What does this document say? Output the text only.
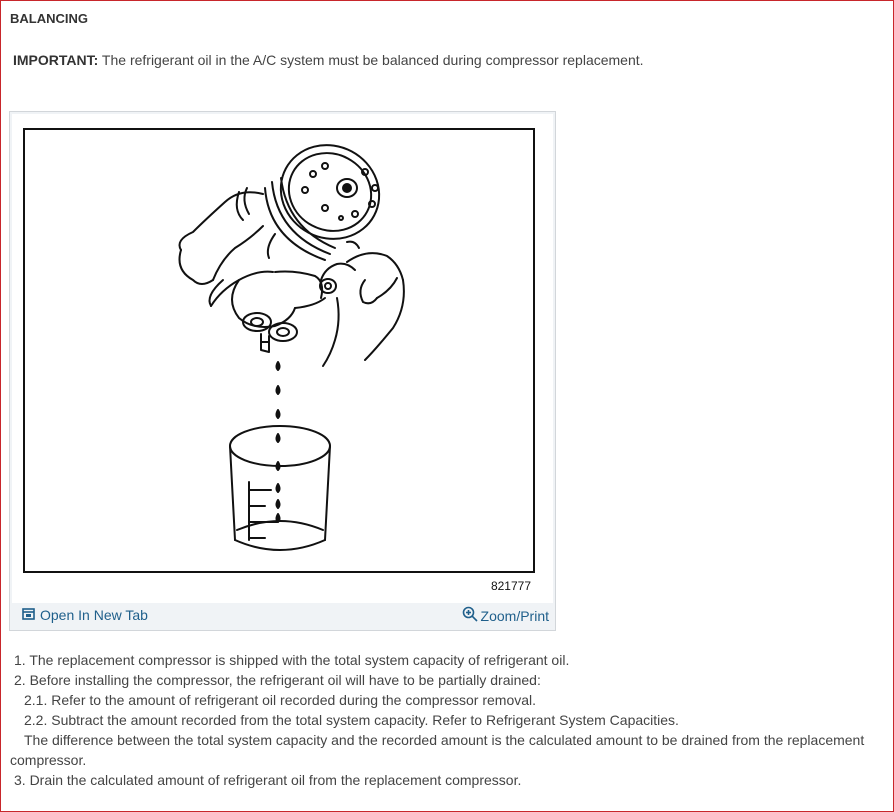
BALANCING
IMPORTANT: The refrigerant oil in the A/C system must be balanced during compressor replacement.
821777
Open In New Tab	Zoom/Print
1. The replacement compressor is shipped with the total system capacity of refrigerant oil.
2. Before installing the compressor, the refrigerant oil will have to be partially drained:
2.1. Refer to the amount of refrigerant oil recorded during the compressor removal.
2.2. Subtract the amount recorded from the total system capacity. Refer to Refrigerant System Capacities.
The difference between the total system capacity and the recorded amount is the calculated amount to be drained from the replacement compressor.
3. Drain the calculated amount of refrigerant oil from the replacement compressor.
